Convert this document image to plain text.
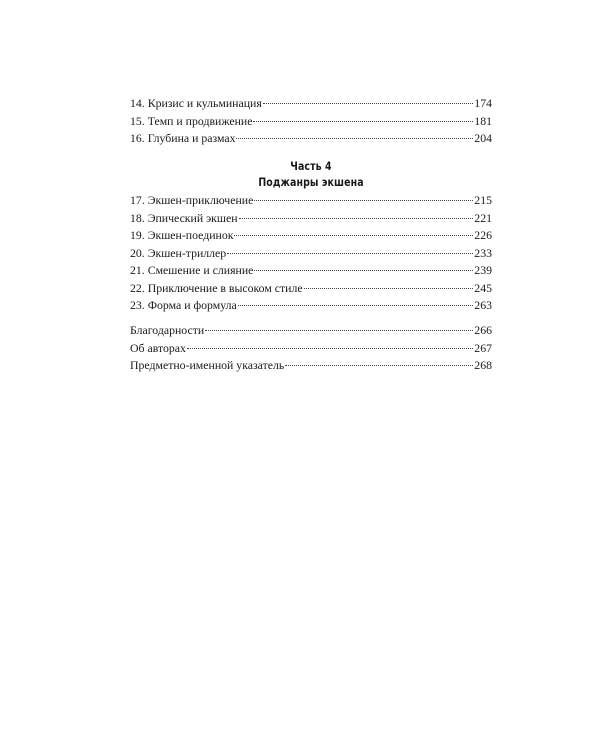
14. Кризис и кульминация	174
15. Темп и продвижение	181
16. Глубина и размах	204
Часть 4
Поджанры экшена
17. Экшен-приключение	215
18. Эпический экшен	221
19. Экшен-поединок	226
20. Экшен-триллер	233
21. Смешение и слияние	239
22. Приключение в высоком стиле	245
23. Форма и формула	263
Благодарности	266
Об авторах	267
Предметно-именной указатель	268
